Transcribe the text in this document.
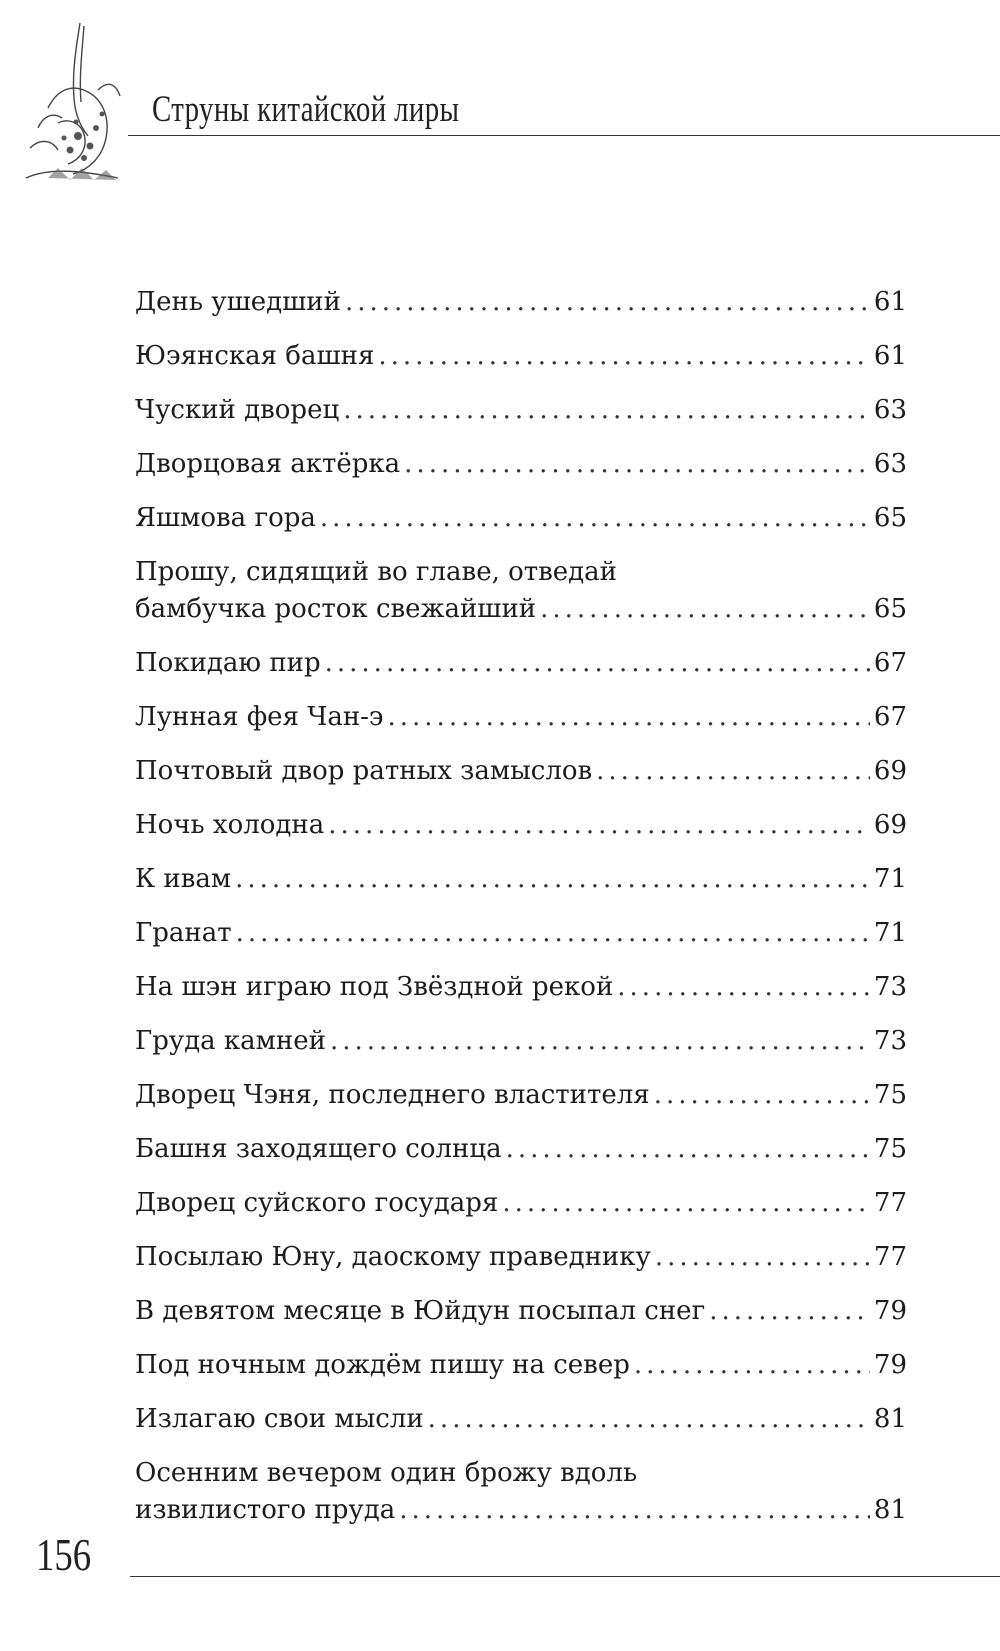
Струны китайской лиры
День ушедший .....	61
Юэянская башня .....	61
Чуский дворец .....	63
Дворцовая актёрка .....	63
Яшмова гора .....	65
Прошу, сидящий во главе, отведай
бамбучка росток свежайший .....	65
Покидаю пир .....	67
Лунная фея Чан-э .....	67
Почтовый двор ратных замыслов .....	69
Ночь холодна .....	69
К ивам .....	71
Гранат .....	71
На шэн играю под Звёздной рекой .....	73
Груда камней .....	73
Дворец Чэня, последнего властителя .....	75
Башня заходящего солнца .....	75
Дворец суйского государя .....	77
Посылаю Юну, даоскому праведнику .....	77
В девятом месяце в Юйдун посыпал снег .....	79
Под ночным дождём пишу на север .....	79
Излагаю свои мысли .....	81
Осенним вечером один брожу вдоль
извилистого пруда .....	81
156
